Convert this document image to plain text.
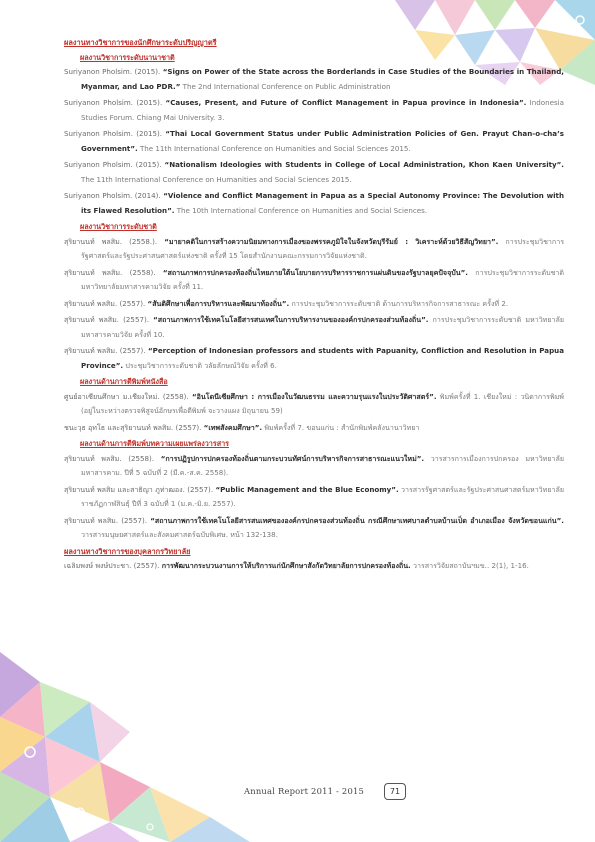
ผลงานทางวิชาการของนักศึกษาระดับปริญญาตรี
ผลงานวิชาการระดับนานาชาติ

Suriyanon Pholsim. (2015). “Signs on Power of the State across the Borderlands in Case Studies of the Boundaries in Thailand, Myanmar, and Lao PDR.” The 2nd International Conference on Public Administration

Suriyanon Pholsim. (2015). “Causes, Present, and Future of Conflict Management in Papua province in Indonesia”. Indonesia Studies Forum. Chiang Mai University. 3.

Suriyanon Pholsim. (2015). “Thai Local Government Status under Public Administration Policies of Gen. Prayut Chan-o-cha’s Government”. The 11th International Conference on Humanities and Social Sciences 2015.

Suriyanon Pholsim. (2015). “Nationalism Ideologies with Students in College of Local Administration, Khon Kaen University”. The 11th International Conference on Humanities and Social Sciences 2015.

Suriyanon Pholsim. (2014). “Violence and Conflict Management in Papua as a Special Autonomy Province: The Devolution with its Flawed Resolution”. The 10th International Conference on Humanities and Social Sciences.

ผลงานวิชาการระดับชาติ

สุริยานนท์ พลสิม. (2558.). “มายาคติในการสร้างความนิยมทางการเมืองของพรรคภูมิใจในจังหวัดบุรีรัมย์ : วิเคราะห์ด้วยวิธีสัญวิทยา”. การประชุมวิชาการรัฐศาสตร์และรัฐประศาสนศาสตร์แห่งชาติ ครั้งที่ 15 โดยสำนักงานคณะกรรมการวิจัยแห่งชาติ.

สุริยานนท์ พลสิม. (2558). “สถานภาพการปกครองท้องถิ่นไทยภายใต้นโยบายการบริหารราชการแผ่นดินของรัฐบาลยุคปัจจุบัน”. การประชุมวิชาการระดับชาติ มหาวิทยาลัยมหาสารคามวิจัย ครั้งที่ 11.

สุริยานนท์ พลสิม. (2557). “สันติศึกษาเพื่อการบริหารและพัฒนาท้องถิ่น”. การประชุมวิชาการระดับชาติ ด้านการบริหารกิจการสาธารณะ ครั้งที่ 2.

สุริยานนท์ พลสิม. (2557). “สถานภาพการใช้เทคโนโลยีสารสนเทศในการบริหารงานขององค์กรปกครองส่วนท้องถิ่น”. การประชุมวิชาการระดับชาติ มหาวิทยาลัยมหาสารคามวิจัย ครั้งที่ 10.

สุริยานนท์ พลสิม. (2557). “Perception of Indonesian professors and students with Papuanity, Confliction and Resolution in Papua Province”. ประชุมวิชาการระดับชาติ วลัยลักษณ์วิจัย ครั้งที่ 6.

ผลงานด้านการตีพิมพ์หนังสือ

ศูนย์อาเซียนศึกษา ม.เชียงใหม่. (2558). “อินโดนีเซียศึกษา : การเมืองในวัฒนธรรม และความรุนแรงในประวัติศาสตร์”. พิมพ์ครั้งที่ 1. เชียงใหม่ : วนิดาการพิมพ์ (อยู่ในระหว่างตรวจพิสูจน์อักษรเพื่อตีพิมพ์ จะวางแผง มิถุนายน 59)

ชนะวุธ อุทโธ และสุริยานนท์ พลสิม. (2557). “เทพสังคมศึกษา”. พิมพ์ครั้งที่ 7. ขอนแก่น : สำนักพิมพ์คลังนานาวิทยา

ผลงานด้านการตีพิมพ์บทความเผยแพร่ลงวารสาร

สุริยานนท์ พลสิม. (2558). “การปฏิรูปการปกครองท้องถิ่นตามกระบวนทัศน์การบริหารกิจการสาธารณะแนวใหม่”. วารสารการเมืองการปกครอง มหาวิทยาลัยมหาสารคาม. ปีที่ 5 ฉบับที่ 2 (มี.ค.-ส.ค. 2558).

สุริยานนท์ พลสิม และสาธิญา ภูท่าฒอง. (2557). “Public Management and the Blue Economy”. วารสารรัฐศาสตร์และรัฐประศาสนศาสตร์มหาวิทยาลัยราชภัฏกาฬสินธุ์ ปีที่ 3 ฉบับที่ 1 (ม.ค.-มิ.ย. 2557).

สุริยานนท์ พลสิม. (2557). “สถานภาพการใช้เทคโนโลยีสารสนเทศขององค์กรปกครองส่วนท้องถิ่น กรณีศึกษาเทศบาลตำบลบ้านเป็ด อำเภอเมือง จังหวัดขอนแก่น”. วารสารมนุษยศาสตร์และสังคมศาสตร์ฉบับพิเศษ. หน้า 132-138.

ผลงานทางวิชาการของบุคลากรวิทยาลัย

เฉลิมพงษ์ พงษ์ประชา. (2557). การพัฒนากระบวนงานการให้บริการแก่นักศึกษาสังกัดวิทยาลัยการปกครองท้องถิ่น. วารสารวิจัยสถาบันฯมข.. 2(1), 1-16.

Annual Report 2011 - 2015	71
